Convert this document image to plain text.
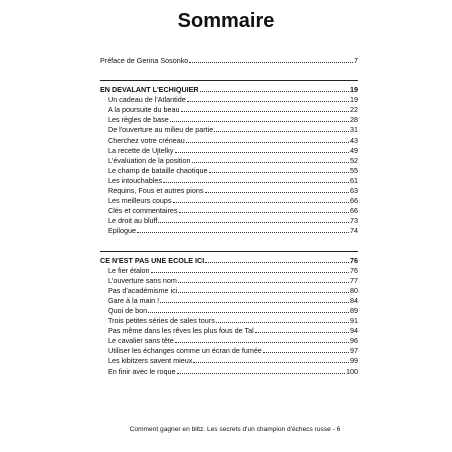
Sommaire
Préface de Genna Sosonko	7
EN DEVALANT L'ECHIQUIER	19
Un cadeau de l'Atlantide	19
A la poursuite du beau	22
Les règles de base	28
De l'ouverture au milieu de partie	31
Cherchez votre créneau	43
La recette de Ujtelky	49
L'évaluation de la position	52
Le champ de bataille chaotique	55
Les intouchables	61
Requins, Fous et autres pions	63
Les meilleurs coups	66
Clés et commentaires	66
Le droit au bluff	73
Epilogue	74
CE N'EST PAS UNE ECOLE ICI	76
Le fier étalon	76
L'ouverture sans nom	77
Pas d'académisme ici	80
Gare à la main !	84
Quoi de bon	89
Trois petites séries de sales tours	91
Pas même dans les rêves les plus fous de Tal	94
Le cavalier sans tête	96
Utiliser les échanges comme un écran de fumée	97
Les kibitzers savent mieux	99
En finir avec le roque	100
Comment gagner en blitz. Les secrets d'un champion d'échecs russe - 6
